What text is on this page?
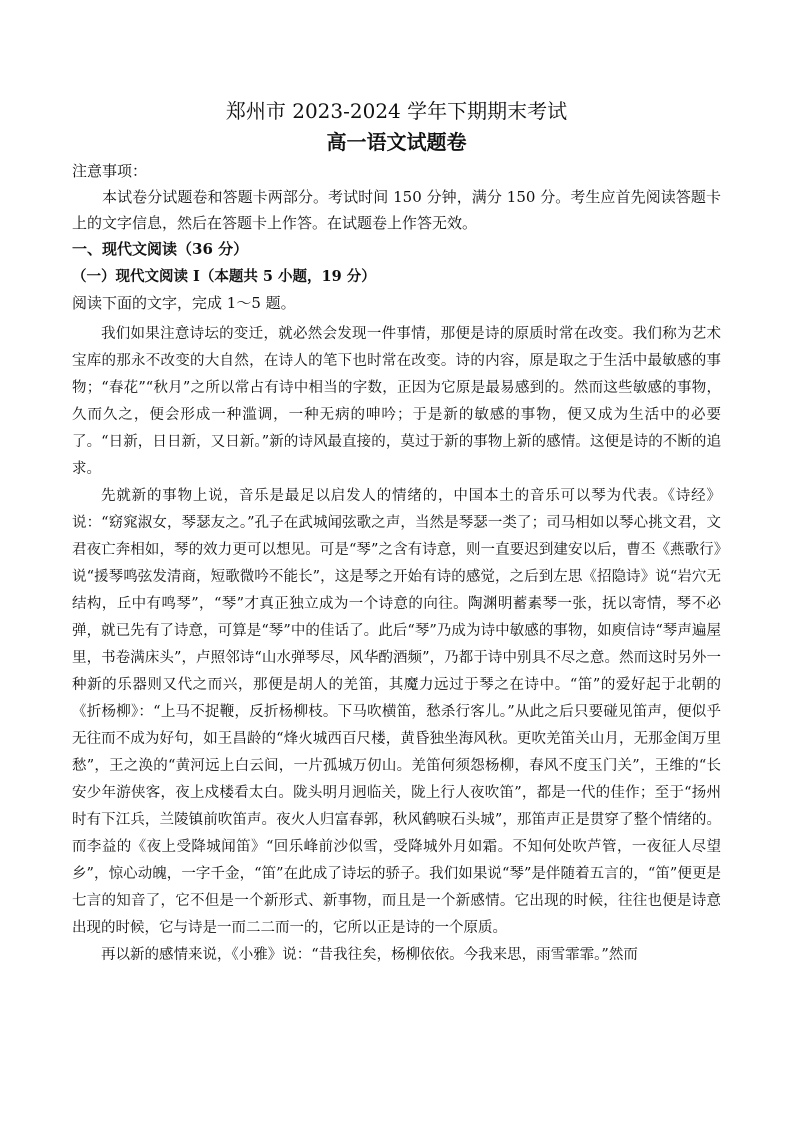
郑州市 2023-2024 学年下期期末考试
高一语文试题卷

注意事项：

本试卷分试题卷和答题卡两部分。考试时间 150 分钟，满分 150 分。考生应首先阅读答题卡上的文字信息，然后在答题卡上作答。在试题卷上作答无效。

一、现代文阅读（36 分）

（一）现代文阅读 I（本题共 5 小题，19 分）

阅读下面的文字，完成 1～5 题。

我们如果注意诗坛的变迁，就必然会发现一件事情，那便是诗的原质时常在改变。我们称为艺术宝库的那永不改变的大自然，在诗人的笔下也时常在改变。诗的内容，原是取之于生活中最敏感的事物；“春花”“秋月”之所以常占有诗中相当的字数，正因为它原是最易感到的。然而这些敏感的事物，久而久之，便会形成一种滥调，一种无病的呻吟；于是新的敏感的事物，便又成为生活中的必要了。“日新，日日新，又日新。”新的诗风最直接的，莫过于新的事物上新的感情。这便是诗的不断的追求。

先就新的事物上说，音乐是最足以启发人的情绪的，中国本土的音乐可以琴为代表。《诗经》说：“窈窕淑女，琴瑟友之。”孔子在武城闻弦歌之声，当然是琴瑟一类了；司马相如以琴心挑文君，文君夜亡奔相如，琴的效力更可以想见。可是“琴”之含有诗意，则一直要迟到建安以后，曹丕《燕歌行》说“援琴鸣弦发清商，短歌微吟不能长”，这是琴之开始有诗的感觉，之后到左思《招隐诗》说“岩穴无结构，丘中有鸣琴”，“琴”才真正独立成为一个诗意的向往。陶渊明蓄素琴一张，抚以寄情，琴不必弹，就已先有了诗意，可算是“琴”中的佳话了。此后“琴”乃成为诗中敏感的事物，如庾信诗“琴声遍屋里，书卷满床头”，卢照邻诗“山水弹琴尽，风华酌酒频”，乃都于诗中别具不尽之意。然而这时另外一种新的乐器则又代之而兴，那便是胡人的羌笛，其魔力远过于琴之在诗中。“笛”的爱好起于北朝的《折杨柳》：“上马不捉鞭，反折杨柳枝。下马吹横笛，愁杀行客儿。”从此之后只要碰见笛声，便似乎无往而不成为好句，如王昌龄的“烽火城西百尺楼，黄昏独坐海风秋。更吹羌笛关山月，无那金闺万里愁”，王之涣的“黄河远上白云间，一片孤城万仞山。羌笛何须怨杨柳，春风不度玉门关”，王维的“长安少年游侠客，夜上戍楼看太白。陇头明月迥临关，陇上行人夜吹笛”，都是一代的佳作；至于“扬州时有下江兵，兰陵镇前吹笛声。夜火人归富春郭，秋风鹤唳石头城”，那笛声正是贯穿了整个情绪的。而李益的《夜上受降城闻笛》“回乐峰前沙似雪，受降城外月如霜。不知何处吹芦管，一夜征人尽望乡”，惊心动魄，一字千金，“笛”在此成了诗坛的骄子。我们如果说“琴”是伴随着五言的，“笛”便更是七言的知音了，它不但是一个新形式、新事物，而且是一个新感情。它出现的时候，往往也便是诗意出现的时候，它与诗是一而二二而一的，它所以正是诗的一个原质。

再以新的感情来说，《小雅》说：“昔我往矣，杨柳依依。今我来思，雨雪霏霏。”然而
